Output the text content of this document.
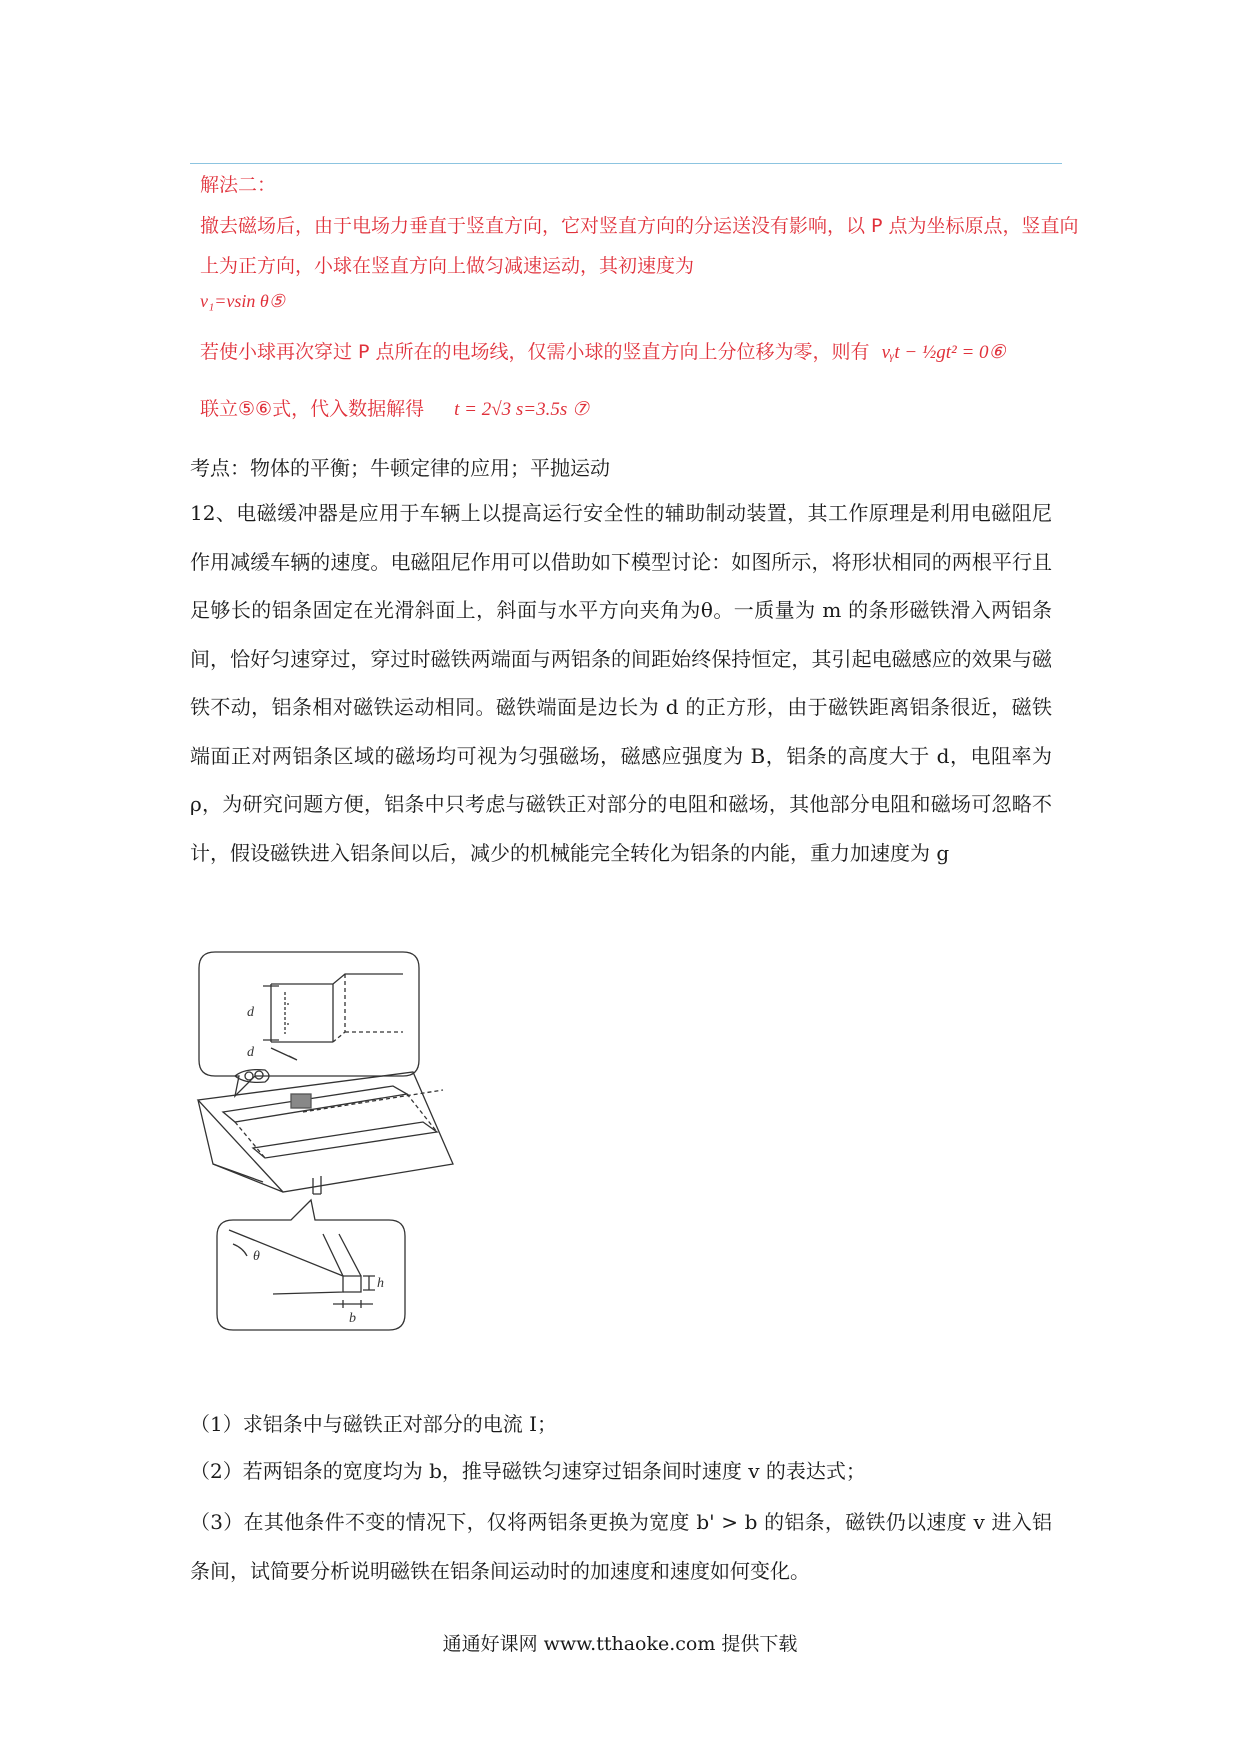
解法二：
撤去磁场后，由于电场力垂直于竖直方向，它对竖直方向的分运送没有影响，以 P 点为坐标原点，竖直向
上为正方向，小球在竖直方向上做匀减速运动，其初速度为
v₁=vsin θ⑤
若使小球再次穿过 P 点所在的电场线，仅需小球的竖直方向上分位移为零，则有 vᵧt − ½gt² = 0⑥
联立⑤⑥式，代入数据解得 t = 2√3 s=3.5s ⑦
考点：物体的平衡；牛顿定律的应用；平抛运动
12、电磁缓冲器是应用于车辆上以提高运行安全性的辅助制动装置，其工作原理是利用电磁阻尼作用减缓车辆的速度。电磁阻尼作用可以借助如下模型讨论：如图所示，将形状相同的两根平行且足够长的铝条固定在光滑斜面上，斜面与水平方向夹角为θ。一质量为 m 的条形磁铁滑入两铝条间，恰好匀速穿过，穿过时磁铁两端面与两铝条的间距始终保持恒定，其引起电磁感应的效果与磁铁不动，铝条相对磁铁运动相同。磁铁端面是边长为 d 的正方形，由于磁铁距离铝条很近，磁铁端面正对两铝条区域的磁场均可视为匀强磁场，磁感应强度为 B，铝条的高度大于 d，电阻率为ρ，为研究问题方便，铝条中只考虑与磁铁正对部分的电阻和磁场，其他部分电阻和磁场可忽略不计，假设磁铁进入铝条间以后，减少的机械能完全转化为铝条的内能，重力加速度为 g
d
d
θ
h
b
（1）求铝条中与磁铁正对部分的电流 I；
（2）若两铝条的宽度均为 b，推导磁铁匀速穿过铝条间时速度 v 的表达式；
（3）在其他条件不变的情况下，仅将两铝条更换为宽度 b' > b 的铝条，磁铁仍以速度 v 进入铝条间，试简要分析说明磁铁在铝条间运动时的加速度和速度如何变化。
通通好课网 www.tthaoke.com 提供下载
